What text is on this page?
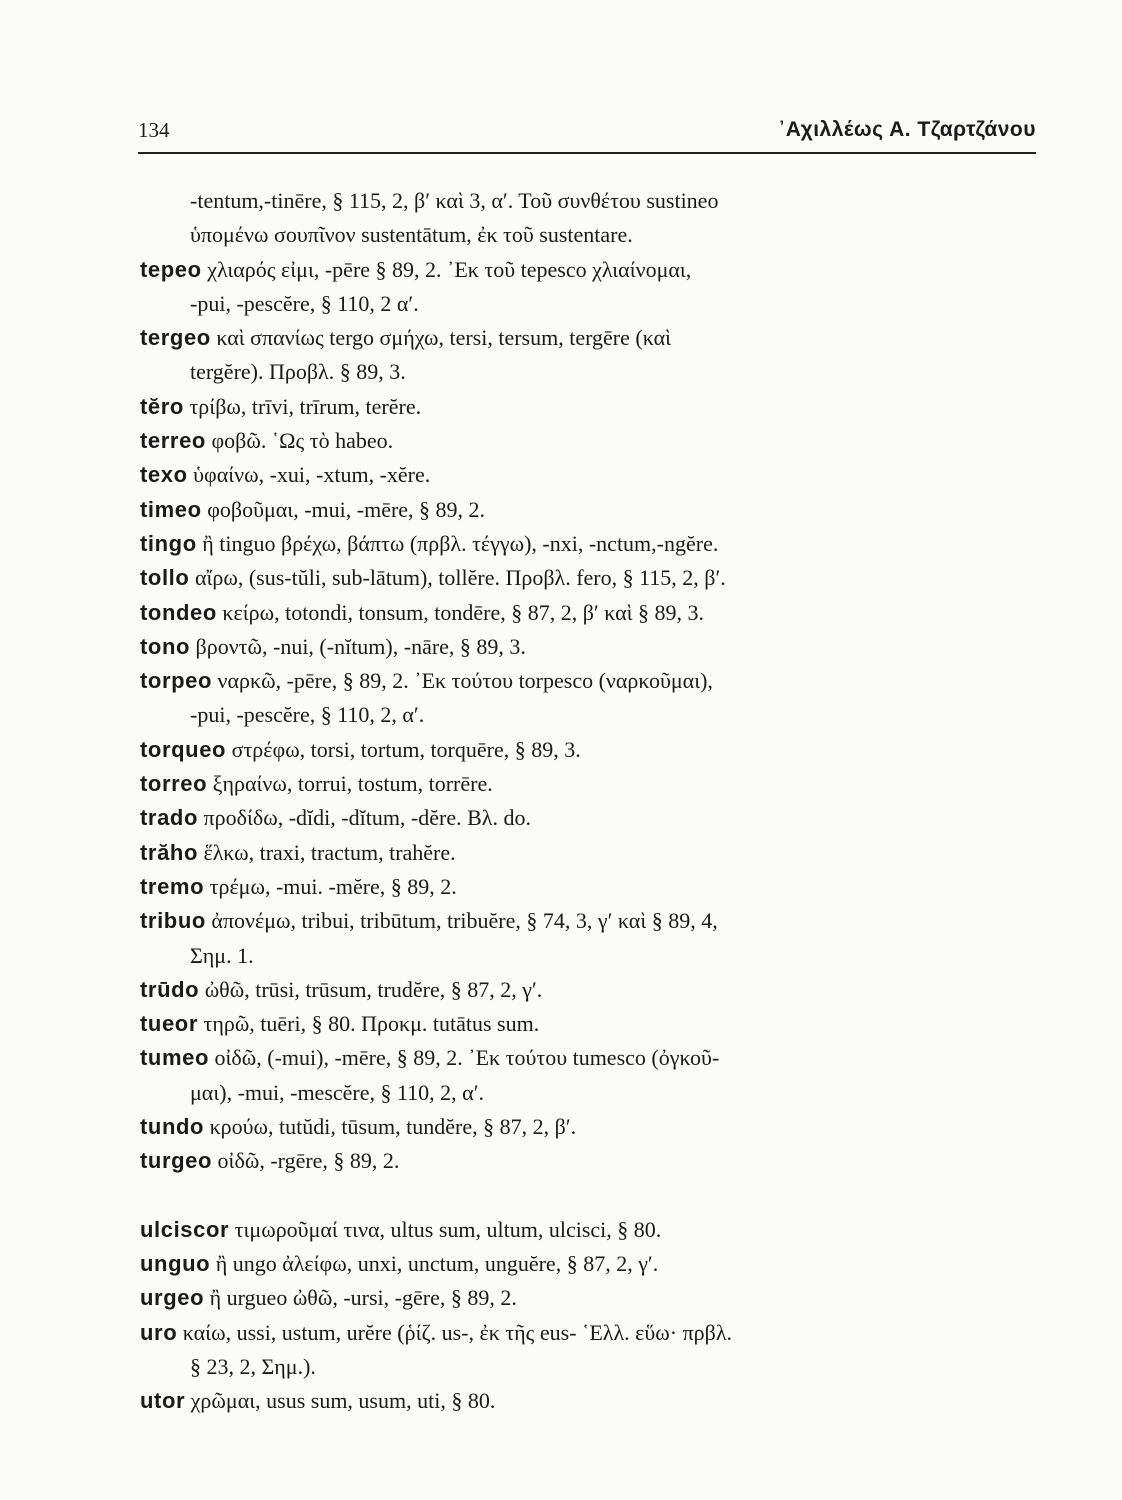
134	᾿Αχιλλέως Α. Τζαρτζάνου
-tentum,-tinēre, § 115, 2, β′ καὶ 3, α′. Τοῦ συνθέτου sustineo
ὑπομένω σουπῖνον sustentātum, ἐκ τοῦ sustentare.
tepeo χλιαρός εἰμι, -pēre § 89, 2. ᾿Εκ τοῦ tepesco χλιαίνομαι,
-pui, -pescĕre, § 110, 2 α′.
tergeo καὶ σπανίως tergo σμήχω, tersi, tersum, tergēre (καὶ
tergĕre). Προβλ. § 89, 3.
tĕro τρίβω, trīvi, trīrum, terĕre.
terreo φοβῶ. ῾Ως τὸ habeo.
texo ὑφαίνω, -xui, -xtum, -xĕre.
timeo φοβοῦμαι, -mui, -mēre, § 89, 2.
tingo ἢ tinguo βρέχω, βάπτω (πρβλ. τέγγω), -nxi, -nctum,-ngĕre.
tollo αἴρω, (sus-tŭli, sub-lātum), tollĕre. Προβλ. fero, § 115, 2, β′.
tondeo κείρω, totondi, tonsum, tondēre, § 87, 2, β′ καὶ § 89, 3.
tono βροντῶ, -nui, (-nĭtum), -nāre, § 89, 3.
torpeo ναρκῶ, -pēre, § 89, 2. ᾿Εκ τούτου torpesco (ναρκοῦμαι),
-pui, -pescĕre, § 110, 2, α′.
torqueo στρέφω, torsi, tortum, torquēre, § 89, 3.
torreo ξηραίνω, torrui, tostum, torrēre.
trado προδίδω, -dĭdi, -dĭtum, -dĕre. Βλ. do.
trăho ἕλκω, traxi, tractum, trahĕre.
tremo τρέμω, -mui. -mĕre, § 89, 2.
tribuo ἀπονέμω, tribui, tribūtum, tribuĕre, § 74, 3, γ′ καὶ § 89, 4,
Σημ. 1.
trūdo ὠθῶ, trūsi, trūsum, trudĕre, § 87, 2, γ′.
tueor τηρῶ, tuēri, § 80. Προκμ. tutātus sum.
tumeo οἰδῶ, (-mui), -mēre, § 89, 2. ᾿Εκ τούτου tumesco (ὀγκοῦ-
μαι), -mui, -mescĕre, § 110, 2, α′.
tundo κρούω, tutŭdi, tūsum, tundĕre, § 87, 2, β′.
turgeo οἰδῶ, -rgēre, § 89, 2.
ulciscor τιμωροῦμαί τινα, ultus sum, ultum, ulcisci, § 80.
unguo ἢ ungo ἀλείφω, unxi, unctum, unguĕre, § 87, 2, γ′.
urgeo ἢ urgueo ὠθῶ, -ursi, -gēre, § 89, 2.
uro καίω, ussi, ustum, urĕre (ῥίζ. us-, ἐκ τῆς eus- ῾Ελλ. εὕω· πρβλ.
§ 23, 2, Σημ.).
utor χρῶμαι, usus sum, usum, uti, § 80.
